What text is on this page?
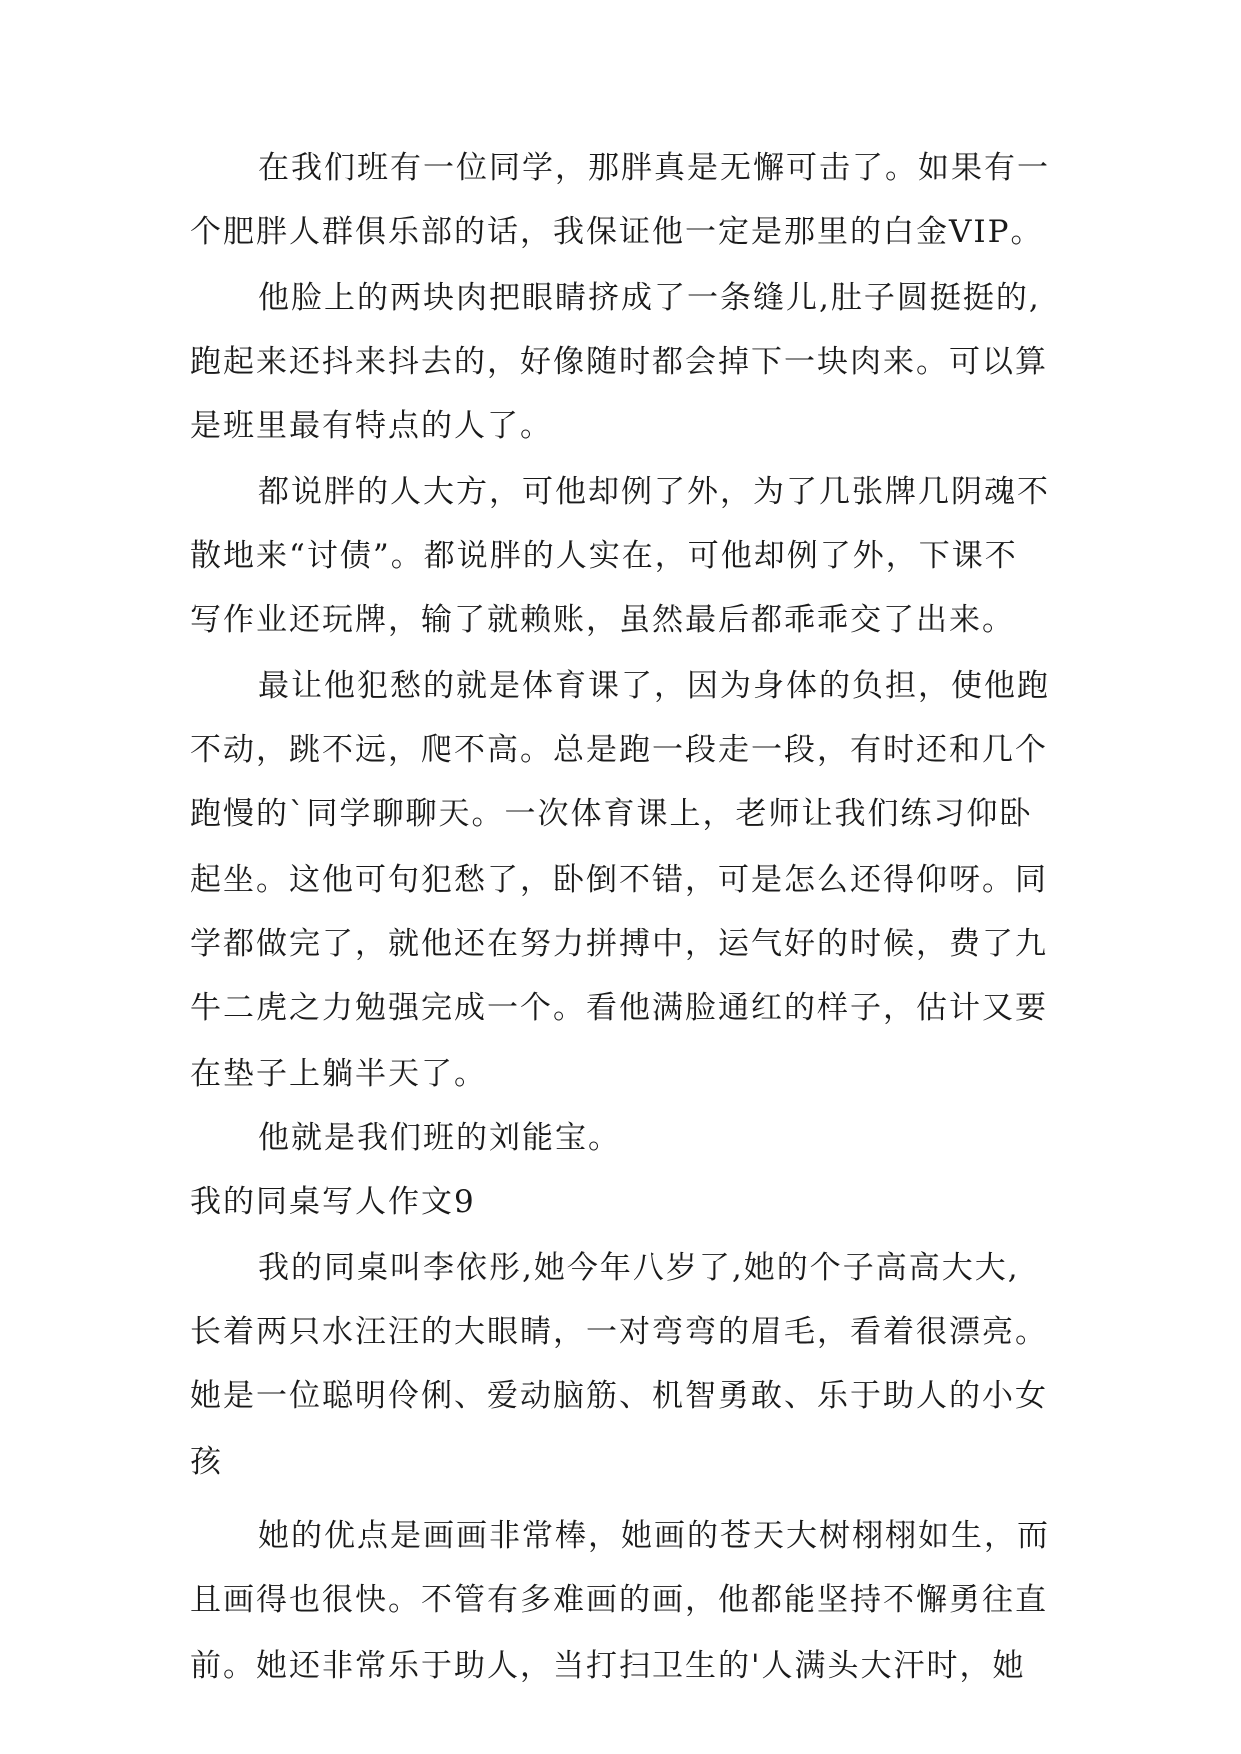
在我们班有一位同学，那胖真是无懈可击了。如果有一
个肥胖人群俱乐部的话，我保证他一定是那里的白金VIP。
他脸上的两块肉把眼睛挤成了一条缝儿,肚子圆挺挺的,
跑起来还抖来抖去的，好像随时都会掉下一块肉来。可以算
是班里最有特点的人了。
都说胖的人大方，可他却例了外，为了几张牌几阴魂不
散地来“讨债”。都说胖的人实在，可他却例了外，下课不
写作业还玩牌，输了就赖账，虽然最后都乖乖交了出来。
最让他犯愁的就是体育课了，因为身体的负担，使他跑
不动，跳不远，爬不高。总是跑一段走一段，有时还和几个
跑慢的`同学聊聊天。一次体育课上，老师让我们练习仰卧
起坐。这他可句犯愁了，卧倒不错，可是怎么还得仰呀。同
学都做完了，就他还在努力拼搏中，运气好的时候，费了九
牛二虎之力勉强完成一个。看他满脸通红的样子，估计又要
在垫子上躺半天了。
他就是我们班的刘能宝。
我的同桌写人作文9
我的同桌叫李依彤,她今年八岁了,她的个子高高大大,
长着两只水汪汪的大眼睛，一对弯弯的眉毛，看着很漂亮。
她是一位聪明伶俐、爱动脑筋、机智勇敢、乐于助人的小女
孩
她的优点是画画非常棒，她画的苍天大树栩栩如生，而
且画得也很快。不管有多难画的画，他都能坚持不懈勇往直
前。她还非常乐于助人，当打扫卫生的'人满头大汗时，她
